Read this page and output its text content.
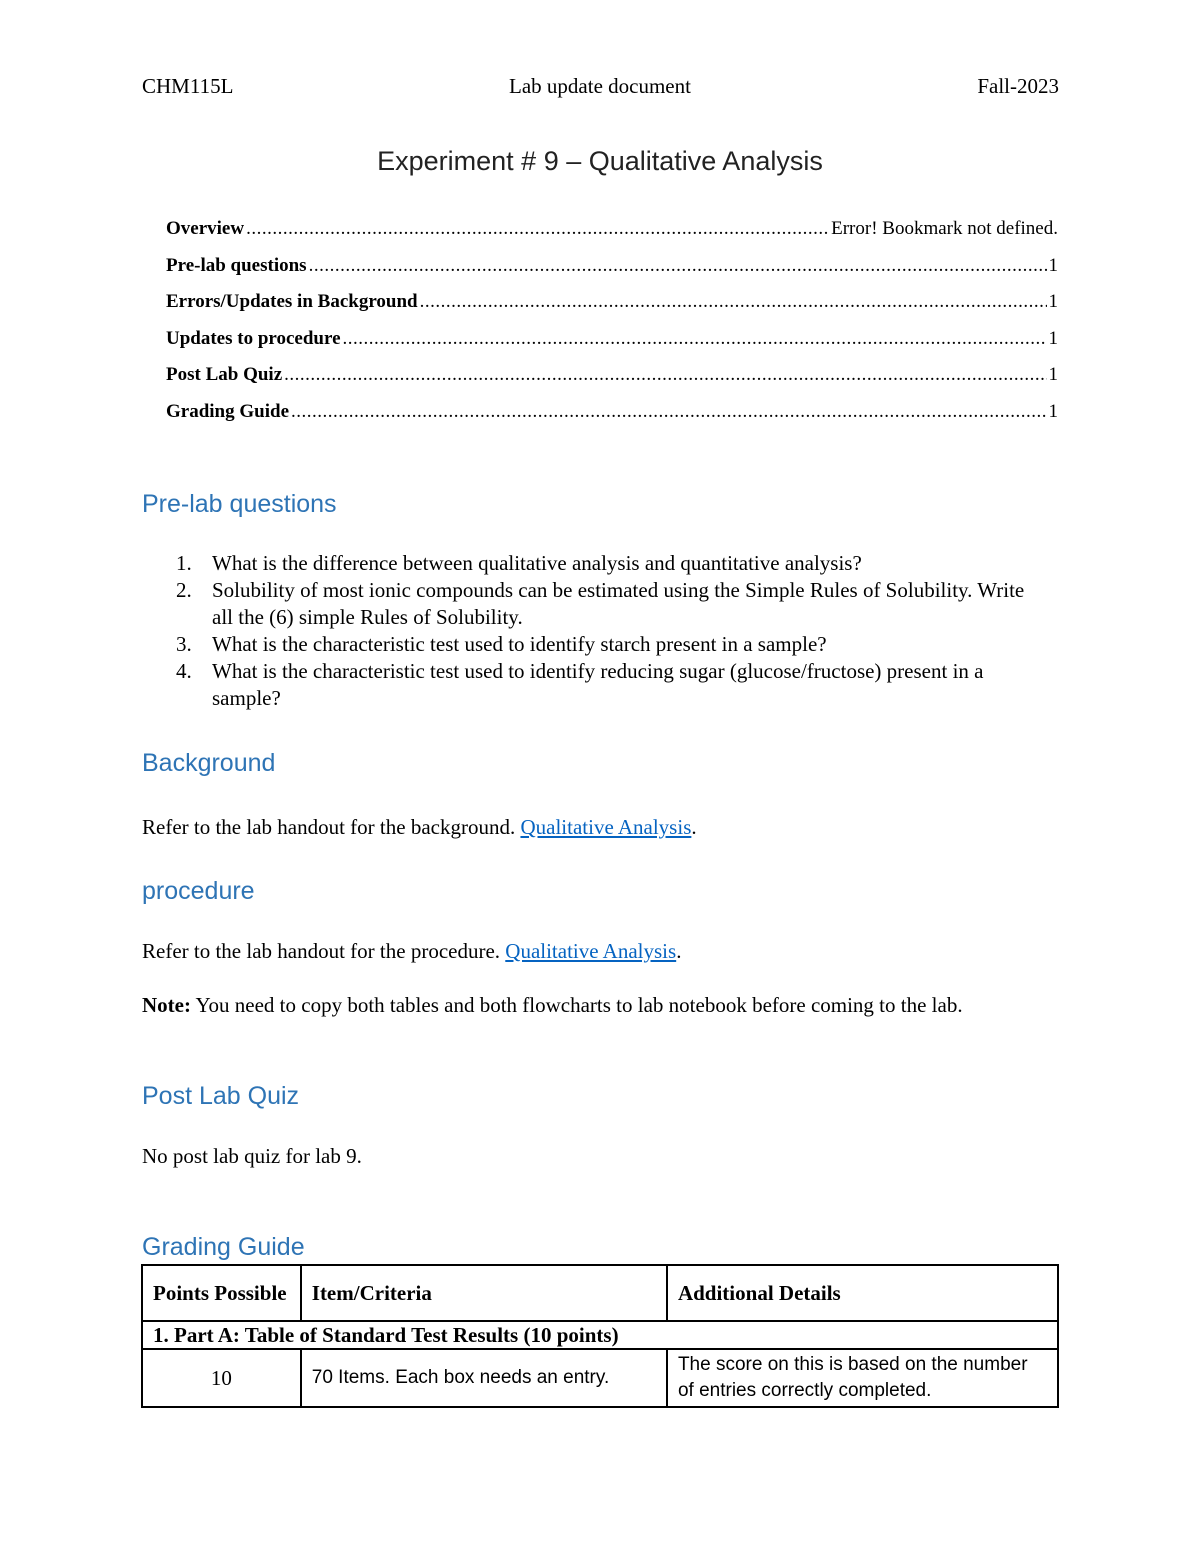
CHM115L	Lab update document	Fall-2023
Experiment # 9 – Qualitative Analysis
Overview .....	Error! Bookmark not defined.
Pre-lab questions .....	1
Errors/Updates in Background .....	1
Updates to procedure .....	1
Post Lab Quiz .....	1
Grading Guide .....	1
Pre-lab questions
1. What is the difference between qualitative analysis and quantitative analysis?
2. Solubility of most ionic compounds can be estimated using the Simple Rules of Solubility. Write all the (6) simple Rules of Solubility.
3. What is the characteristic test used to identify starch present in a sample?
4. What is the characteristic test used to identify reducing sugar (glucose/fructose) present in a sample?
Background
Refer to the lab handout for the background. Qualitative Analysis.
procedure
Refer to the lab handout for the procedure. Qualitative Analysis.
Note: You need to copy both tables and both flowcharts to lab notebook before coming to the lab.
Post Lab Quiz
No post lab quiz for lab 9.
Grading Guide
Points Possible	Item/Criteria	Additional Details
1. Part A: Table of Standard Test Results (10 points)		
10	70 Items. Each box needs an entry.	The score on this is based on the number of entries correctly completed.
